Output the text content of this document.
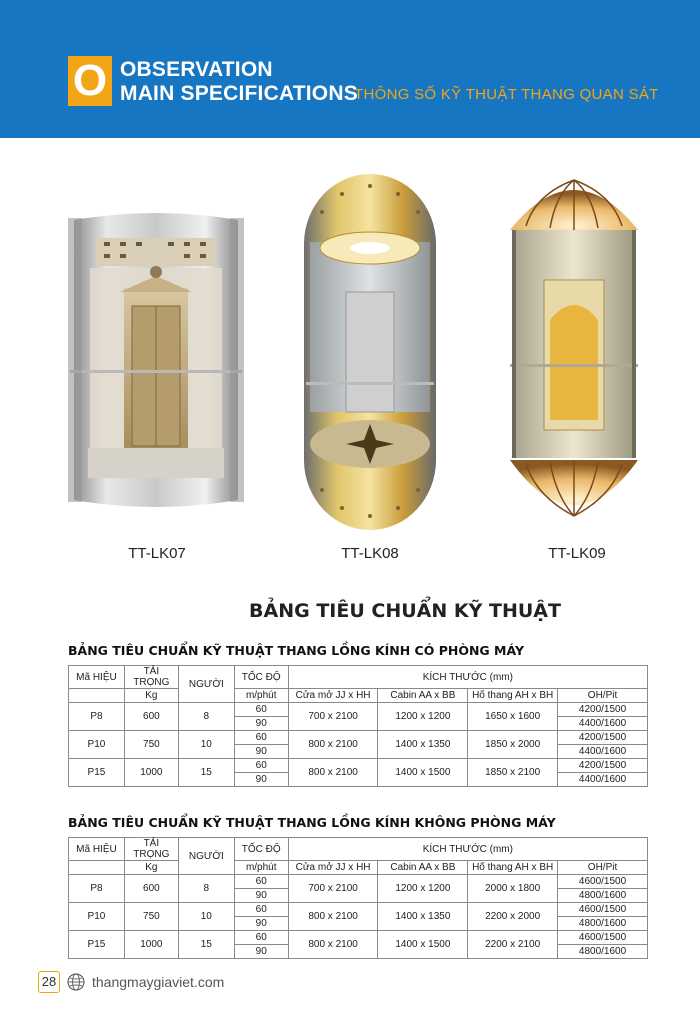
O OBSERVATION
MAIN SPECIFICATIONS
THÔNG SỐ KỸ THUẬT THANG QUAN SÁT
TT-LK07	TT-LK08	TT-LK09
BẢNG TIÊU CHUẨN KỸ THUẬT
BẢNG TIÊU CHUẨN KỸ THUẬT THANG LỒNG KÍNH CÓ PHÒNG MÁY
Mã HIỆU	TẢI TRỌNG	NGƯỜI	TỐC ĐỘ	KÍCH THƯỚC (mm)			
	Kg		m/phút	Cửa mở JJ x HH	Cabin AA x BB	Hố thang AH x BH	OH/Pit
P8	600	8	60	700 x 2100	1200 x 1200	1650 x 1600	4200/1500
			90				4400/1600
P10	750	10	60	800 x 2100	1400 x 1350	1850 x 2000	4200/1500
			90				4400/1600
P15	1000	15	60	800 x 2100	1400 x 1500	1850 x 2100	4200/1500
			90				4400/1600
BẢNG TIÊU CHUẨN KỸ THUẬT THANG LỒNG KÍNH KHÔNG PHÒNG MÁY
Mã HIỆU	TẢI TRỌNG	NGƯỜI	TỐC ĐỘ	KÍCH THƯỚC (mm)			
	Kg		m/phút	Cửa mở JJ x HH	Cabin AA x BB	Hố thang AH x BH	OH/Pit
P8	600	8	60	700 x 2100	1200 x 1200	2000 x 1800	4600/1500
			90				4800/1600
P10	750	10	60	800 x 2100	1400 x 1350	2200 x 2000	4600/1500
			90				4800/1600
P15	1000	15	60	800 x 2100	1400 x 1500	2200 x 2100	4600/1500
			90				4800/1600
28	thangmaygiaviet.com
